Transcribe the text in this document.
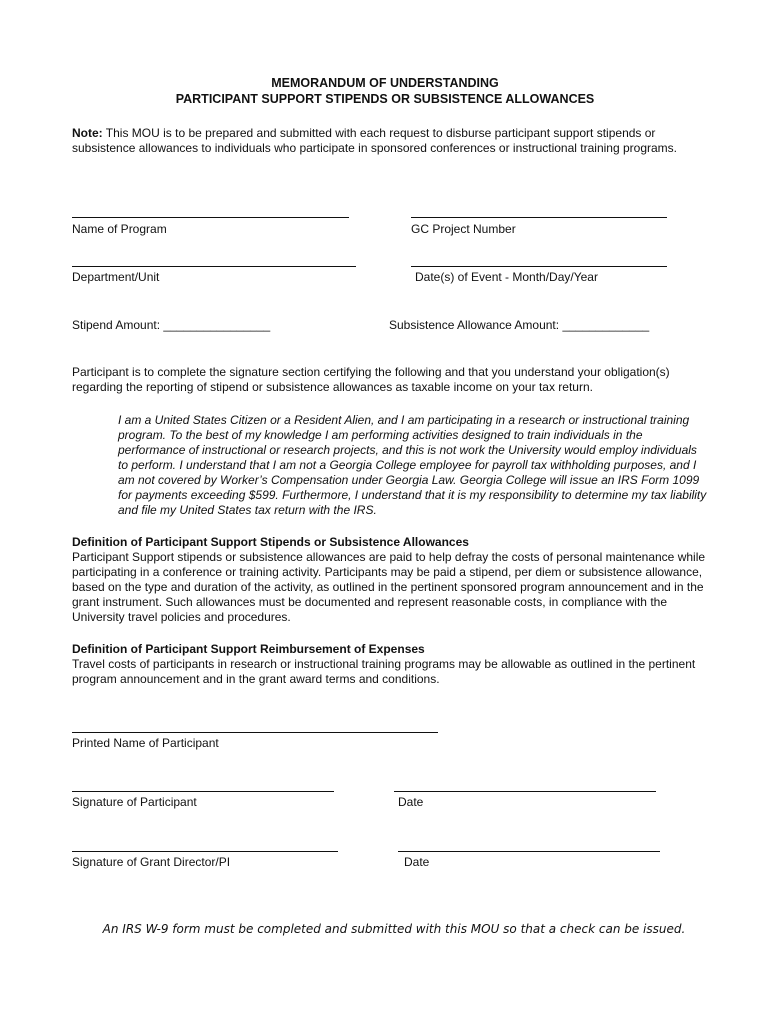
MEMORANDUM OF UNDERSTANDING
PARTICIPANT SUPPORT STIPENDS OR SUBSISTENCE ALLOWANCES
Note: This MOU is to be prepared and submitted with each request to disburse participant support stipends or subsistence allowances to individuals who participate in sponsored conferences or instructional training programs.
Name of Program	GC Project Number
Department/Unit	Date(s) of Event - Month/Day/Year
Stipend Amount: ________________	Subsistence Allowance Amount: _____________
Participant is to complete the signature section certifying the following and that you understand your obligation(s) regarding the reporting of stipend or subsistence allowances as taxable income on your tax return.
I am a United States Citizen or a Resident Alien, and I am participating in a research or instructional training program. To the best of my knowledge I am performing activities designed to train individuals in the performance of instructional or research projects, and this is not work the University would employ individuals to perform. I understand that I am not a Georgia College employee for payroll tax withholding purposes, and I am not covered by Worker’s Compensation under Georgia Law. Georgia College will issue an IRS Form 1099 for payments exceeding $599. Furthermore, I understand that it is my responsibility to determine my tax liability and file my United States tax return with the IRS.
Definition of Participant Support Stipends or Subsistence Allowances
Participant Support stipends or subsistence allowances are paid to help defray the costs of personal maintenance while participating in a conference or training activity. Participants may be paid a stipend, per diem or subsistence allowance, based on the type and duration of the activity, as outlined in the pertinent sponsored program announcement and in the grant instrument. Such allowances must be documented and represent reasonable costs, in compliance with the University travel policies and procedures.
Definition of Participant Support Reimbursement of Expenses
Travel costs of participants in research or instructional training programs may be allowable as outlined in the pertinent program announcement and in the grant award terms and conditions.
Printed Name of Participant
Signature of Participant	Date
Signature of Grant Director/PI	Date
An IRS W-9 form must be completed and submitted with this MOU so that a check can be issued.
